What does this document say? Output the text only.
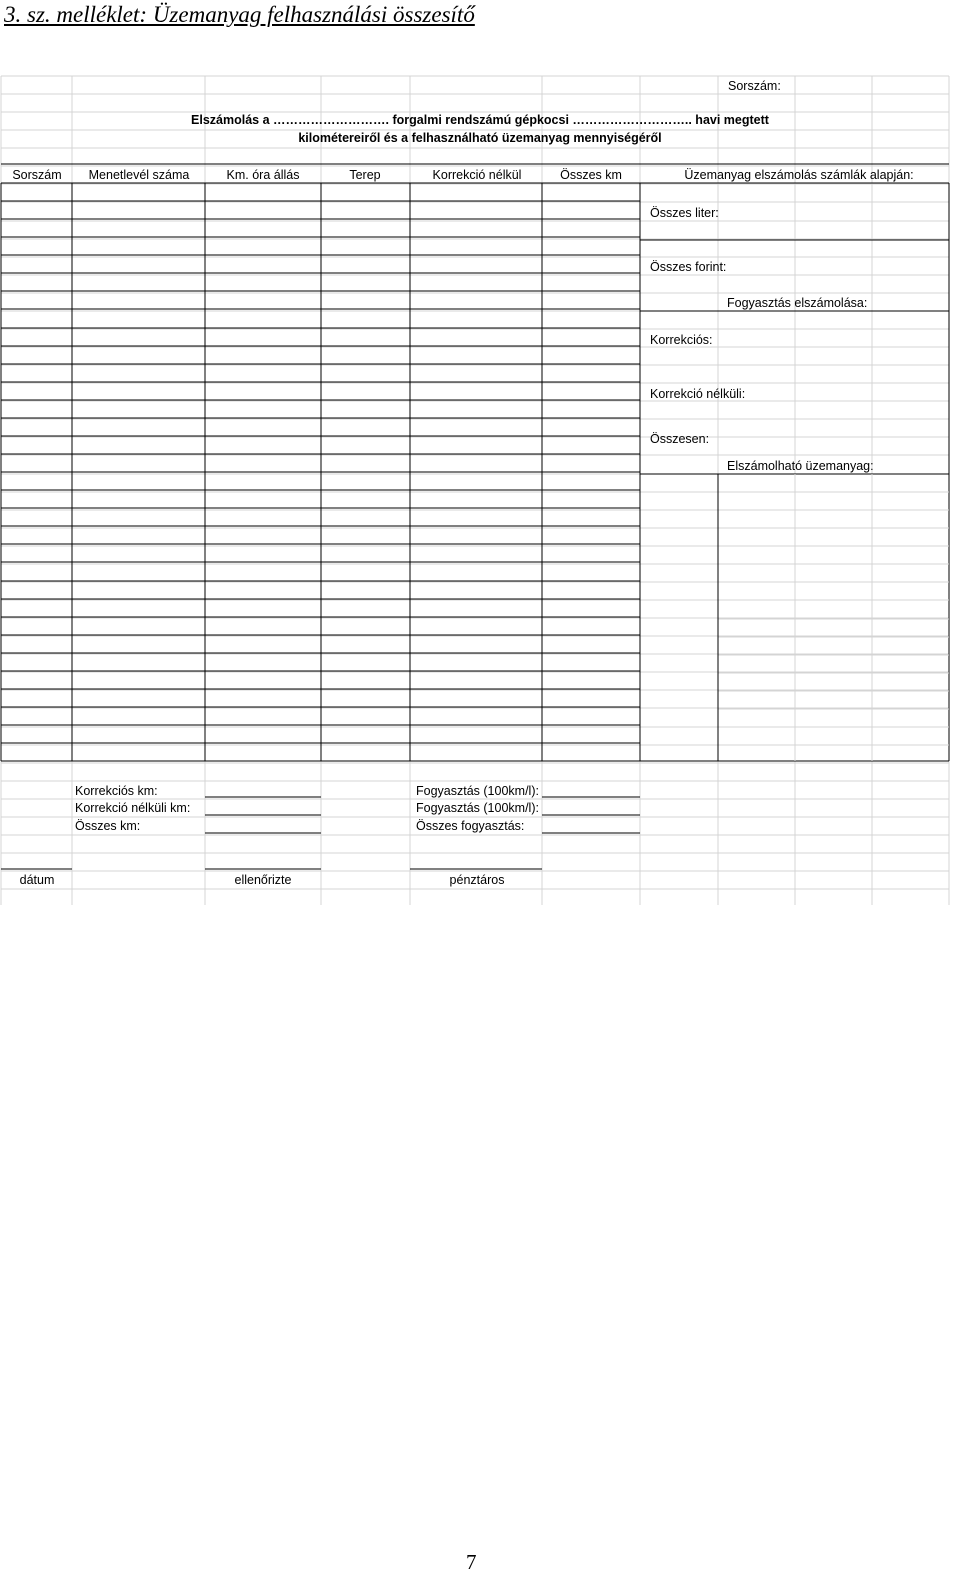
3. sz. melléklet: Üzemanyag felhasználási összesítő
Sorszám:
Elszámolás a ………………………. forgalmi rendszámú gépkocsi ……………………….. havi megtett
kilométereiről és a felhasználható üzemanyag mennyiségéről
Sorszám	Menetlevél száma	Km. óra állás	Terep	Korrekció nélkül	Összes km	Üzemanyag elszámolás számlák alapján:
Összes liter:
Összes forint:
Fogyasztás elszámolása:
Korrekciós:
Korrekció nélküli:
Összesen:
Elszámolható üzemanyag:
Korrekciós km:
Korrekció nélküli km:
Összes km:
Fogyasztás (100km/l):
Fogyasztás (100km/l):
Összes fogyasztás:
dátum	ellenőrizte	pénztáros
7
